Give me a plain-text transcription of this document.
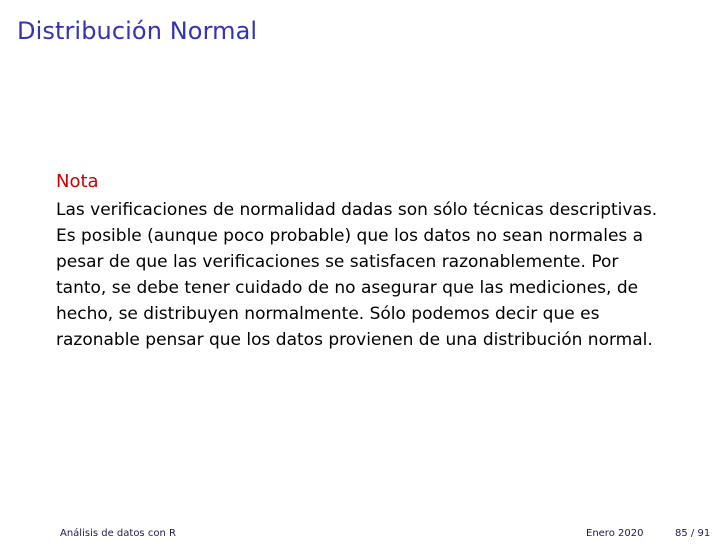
Distribución Normal
Nota
Las verificaciones de normalidad dadas son sólo técnicas descriptivas.
Es posible (aunque poco probable) que los datos no sean normales a
pesar de que las verificaciones se satisfacen razonablemente. Por
tanto, se debe tener cuidado de no asegurar que las mediciones, de
hecho, se distribuyen normalmente. Sólo podemos decir que es
razonable pensar que los datos provienen de una distribución normal.
Análisis de datos con R	Enero 2020	85 / 91
